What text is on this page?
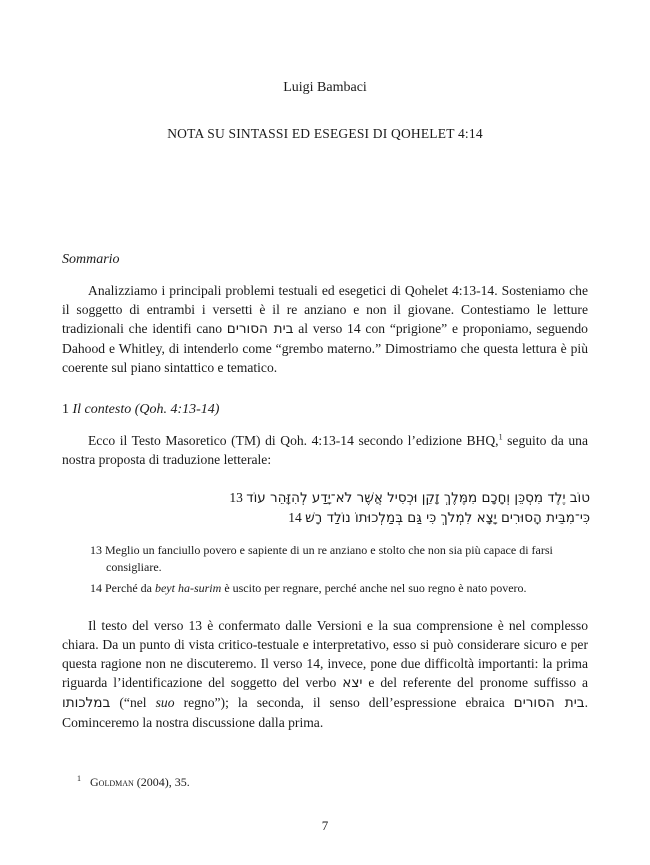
Luigi Bambaci
NOTA SU SINTASSI ED ESEGESI DI QOHELET 4:14
Sommario

Analizziamo i principali problemi testuali ed esegetici di Qohelet 4:13-14. Sosteniamo che il soggetto di entrambi i versetti è il re anziano e non il giovane. Contestiamo le letture tradizionali che identifi cano בית הסורים al verso 14 con “prigione” e proponiamo, seguendo Dahood e Whitley, di intenderlo come “grembo materno.” Dimostriamo che questa lettura è più coerente sul piano sintattico e tematico.

1 Il contesto (Qoh. 4:13-14)

Ecco il Testo Masoretico (TM) di Qoh. 4:13-14 secondo l’edizione BHQ,$^1$ seguito da una nostra proposta di traduzione letterale:

טוֹב יֶלֶד מִסְכֵּן וְחָכָם מִמֶּלֶךְ זָקֵן וּכְסִיל אֲשֶׁר לֹא־יָדַע לְהִזָּהֵר עוֹד 13
כִּי־מִבֵּית הָסוּרִים יָצָא לִמְלֹךְ כִּי גַּם בְּמַלְכוּתוֹ נוֹלַד רָשׁ 14

13 Meglio un fanciullo povero e sapiente di un re anziano e stolto che non sia più capace di farsi consigliare.

14 Perché da beyt ha-surim è uscito per regnare, perché anche nel suo regno è nato povero.

Il testo del verso 13 è confermato dalle Versioni e la sua comprensione è nel complesso chiara. Da un punto di vista critico-testuale e interpretativo, esso si può considerare sicuro e per questa ragione non ne discuteremo. Il verso 14, invece, pone due difficoltà importanti: la prima riguarda l’identificazione del soggetto del verbo יצא e del referente del pronome suffisso a במלכותו (“nel suo regno”); la seconda, il senso dell’espressione ebraica בית הסורים. Cominceremo la nostra discussione dalla prima.

$^1$ Goldman (2004), 35.
7
